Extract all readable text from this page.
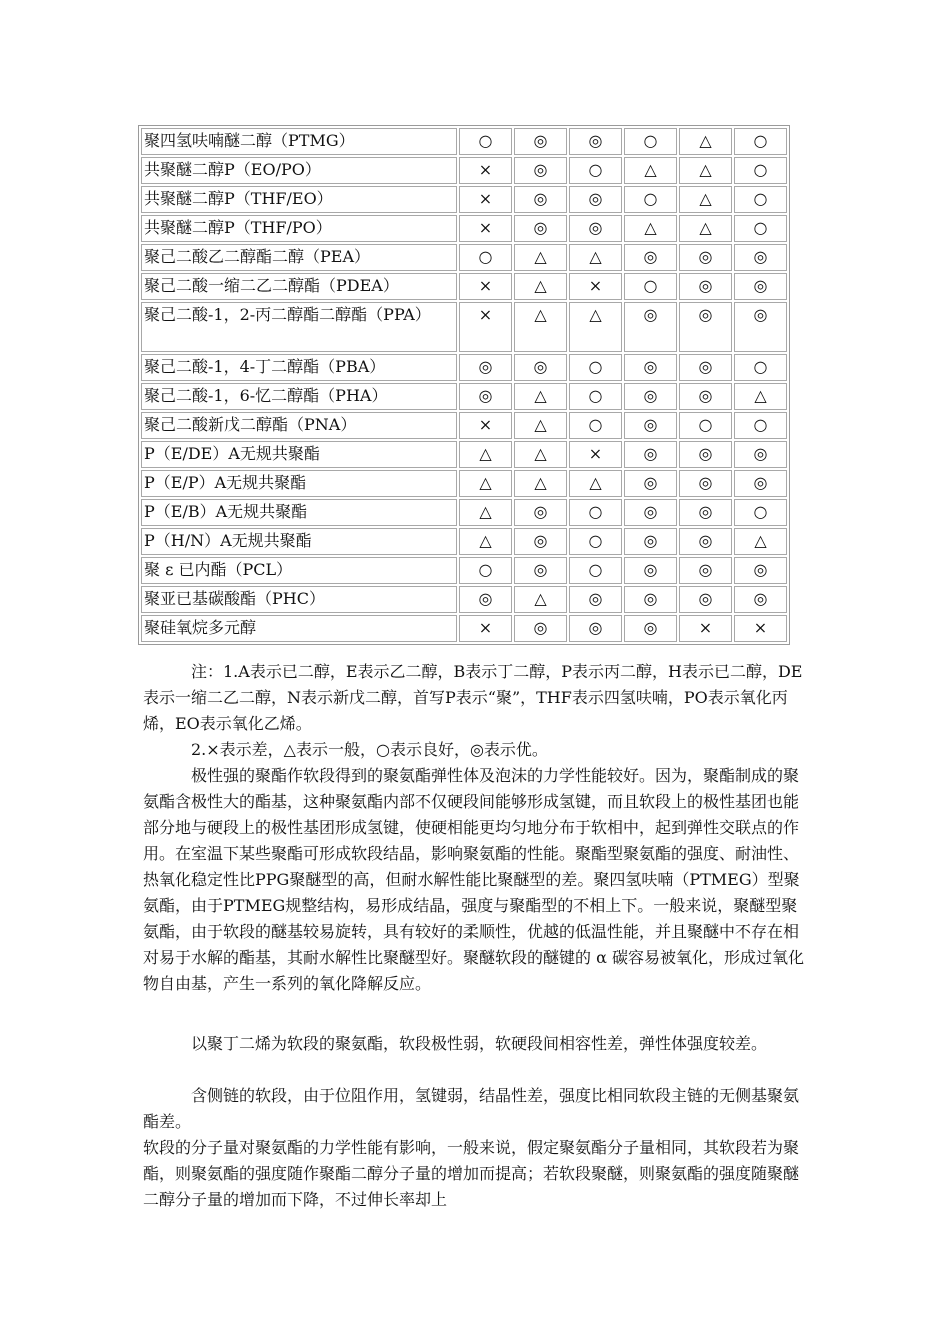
聚四氢呋喃醚二醇（PTMG）	○	◎	◎	○	△	○
共聚醚二醇P（EO/PO）	×	◎	○	△	△	○
共聚醚二醇P（THF/EO）	×	◎	◎	○	△	○
共聚醚二醇P（THF/PO）	×	◎	◎	△	△	○
聚己二酸乙二醇酯二醇（PEA）	○	△	△	◎	◎	◎
聚己二酸一缩二乙二醇酯（PDEA）	×	△	×	○	◎	◎
聚己二酸-1，2-丙二醇酯二醇酯（PPA）	×	△	△	◎	◎	◎
聚己二酸-1，4-丁二醇酯（PBA）	◎	◎	○	◎	◎	○
聚己二酸-1，6-忆二醇酯（PHA）	◎	△	○	◎	◎	△
聚己二酸新戊二醇酯（PNA）	×	△	○	◎	○	○
P（E/DE）A无规共聚酯	△	△	×	◎	◎	◎
P（E/P）A无规共聚酯	△	△	△	◎	◎	◎
P（E/B）A无规共聚酯	△	◎	○	◎	◎	○
P（H/N）A无规共聚酯	△	◎	○	◎	◎	△
聚 ε 已内酯（PCL）	○	◎	○	◎	◎	◎
聚亚已基碳酸酯（PHC）	◎	△	◎	◎	◎	◎
聚硅氧烷多元醇	×	◎	◎	◎	×	×

注：1.A表示已二醇，E表示乙二醇，B表示丁二醇，P表示丙二醇，H表示已二醇，DE表示一缩二乙二醇，N表示新戊二醇，首写P表示“聚”，THF表示四氢呋喃，PO表示氧化丙烯，EO表示氧化乙烯。

2.×表示差，△表示一般，○表示良好，◎表示优。

极性强的聚酯作软段得到的聚氨酯弹性体及泡沫的力学性能较好。因为，聚酯制成的聚氨酯含极性大的酯基，这种聚氨酯内部不仅硬段间能够形成氢键，而且软段上的极性基团也能部分地与硬段上的极性基团形成氢键，使硬相能更均匀地分布于软相中，起到弹性交联点的作用。在室温下某些聚酯可形成软段结晶，影响聚氨酯的性能。聚酯型聚氨酯的强度、耐油性、热氧化稳定性比PPG聚醚型的高，但耐水解性能比聚醚型的差。聚四氢呋喃（PTMEG）型聚氨酯，由于PTMEG规整结构，易形成结晶，强度与聚酯型的不相上下。一般来说，聚醚型聚氨酯，由于软段的醚基较易旋转，具有较好的柔顺性，优越的低温性能，并且聚醚中不存在相对易于水解的酯基，其耐水解性比聚醚型好。聚醚软段的醚键的 α 碳容易被氧化，形成过氧化物自由基，产生一系列的氧化降解反应。

以聚丁二烯为软段的聚氨酯，软段极性弱，软硬段间相容性差，弹性体强度较差。

含侧链的软段，由于位阻作用，氢键弱，结晶性差，强度比相同软段主链的无侧基聚氨酯差。

软段的分子量对聚氨酯的力学性能有影响，一般来说，假定聚氨酯分子量相同，其软段若为聚酯，则聚氨酯的强度随作聚酯二醇分子量的增加而提高；若软段聚醚，则聚氨酯的强度随聚醚二醇分子量的增加而下降，不过伸长率却上
